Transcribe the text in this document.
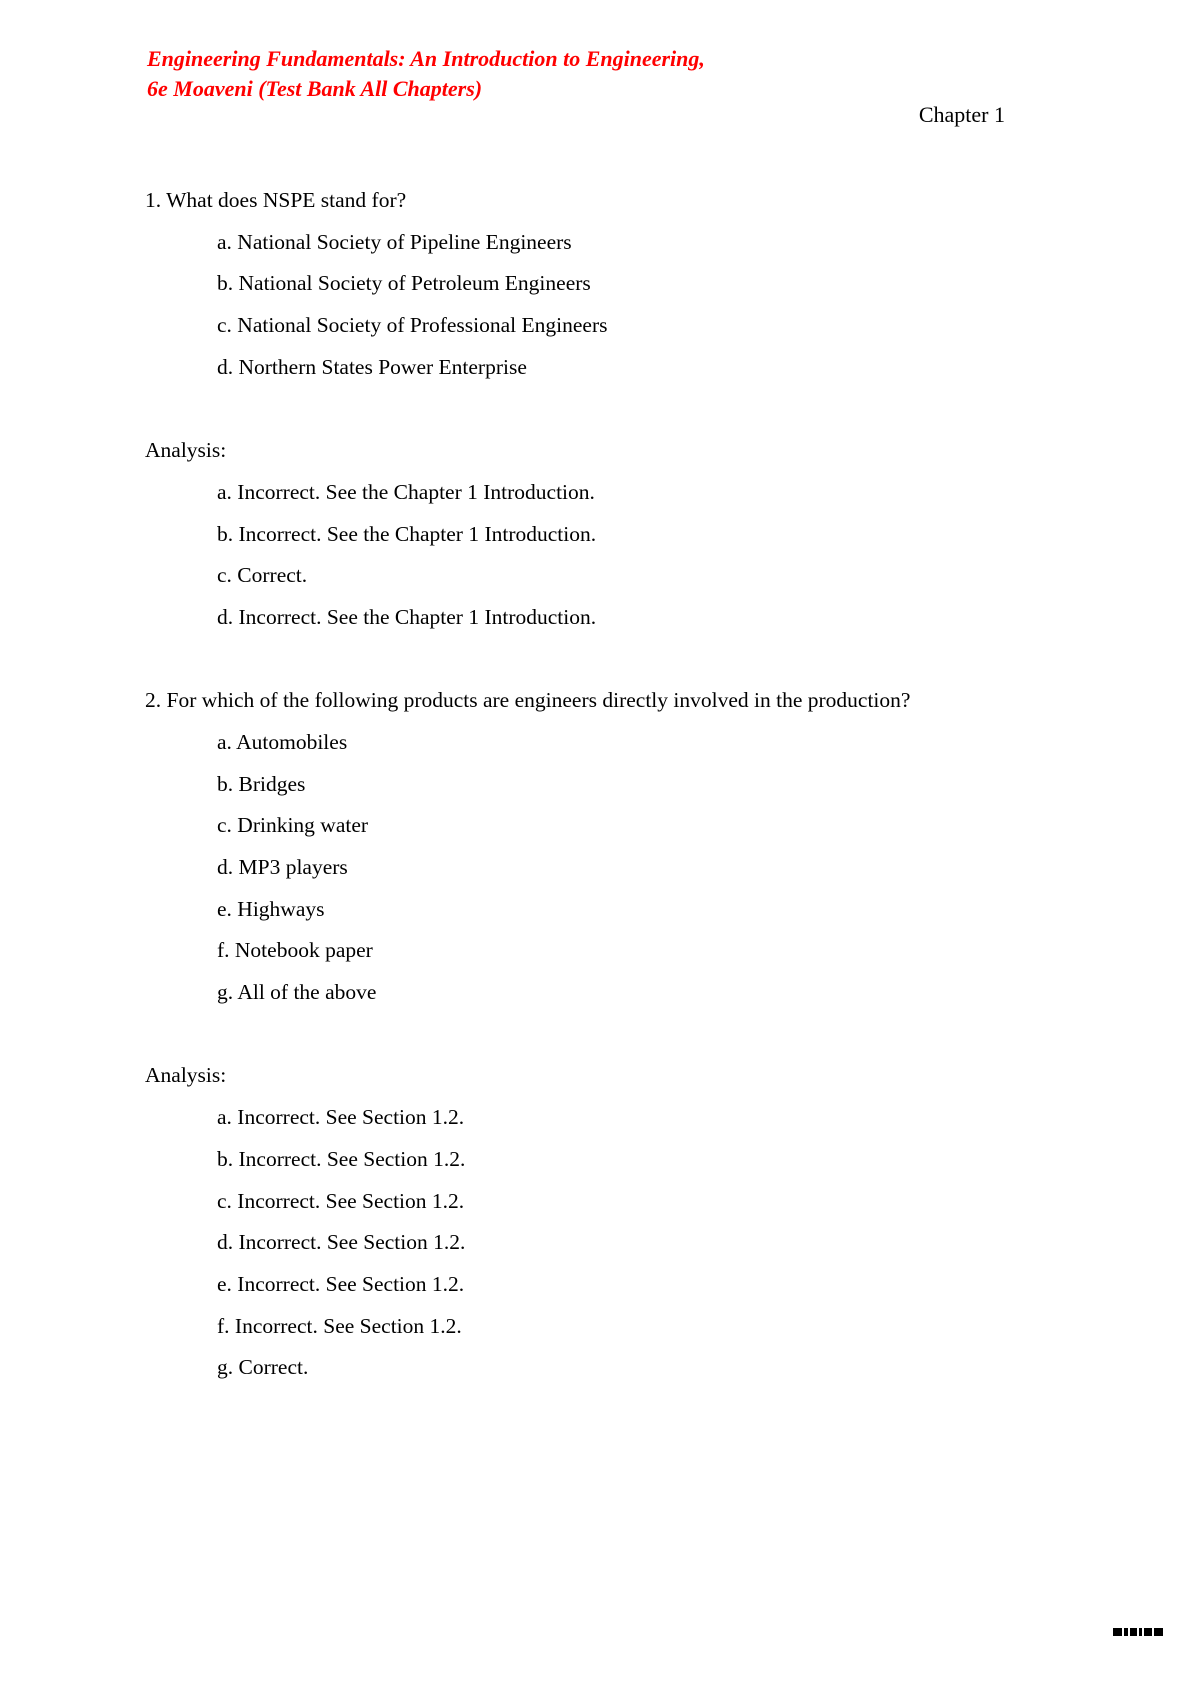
Engineering Fundamentals: An Introduction to Engineering,
6e Moaveni (Test Bank All Chapters)
Chapter 1
1. What does NSPE stand for?
a. National Society of Pipeline Engineers
b. National Society of Petroleum Engineers
c. National Society of Professional Engineers
d. Northern States Power Enterprise
Analysis:
a. Incorrect. See the Chapter 1 Introduction.
b. Incorrect. See the Chapter 1 Introduction.
c. Correct.
d. Incorrect. See the Chapter 1 Introduction.
2. For which of the following products are engineers directly involved in the production?
a. Automobiles
b. Bridges
c. Drinking water
d. MP3 players
e. Highways
f. Notebook paper
g. All of the above
Analysis:
a. Incorrect. See Section 1.2.
b. Incorrect. See Section 1.2.
c. Incorrect. See Section 1.2.
d. Incorrect. See Section 1.2.
e. Incorrect. See Section 1.2.
f. Incorrect. See Section 1.2.
g. Correct.
